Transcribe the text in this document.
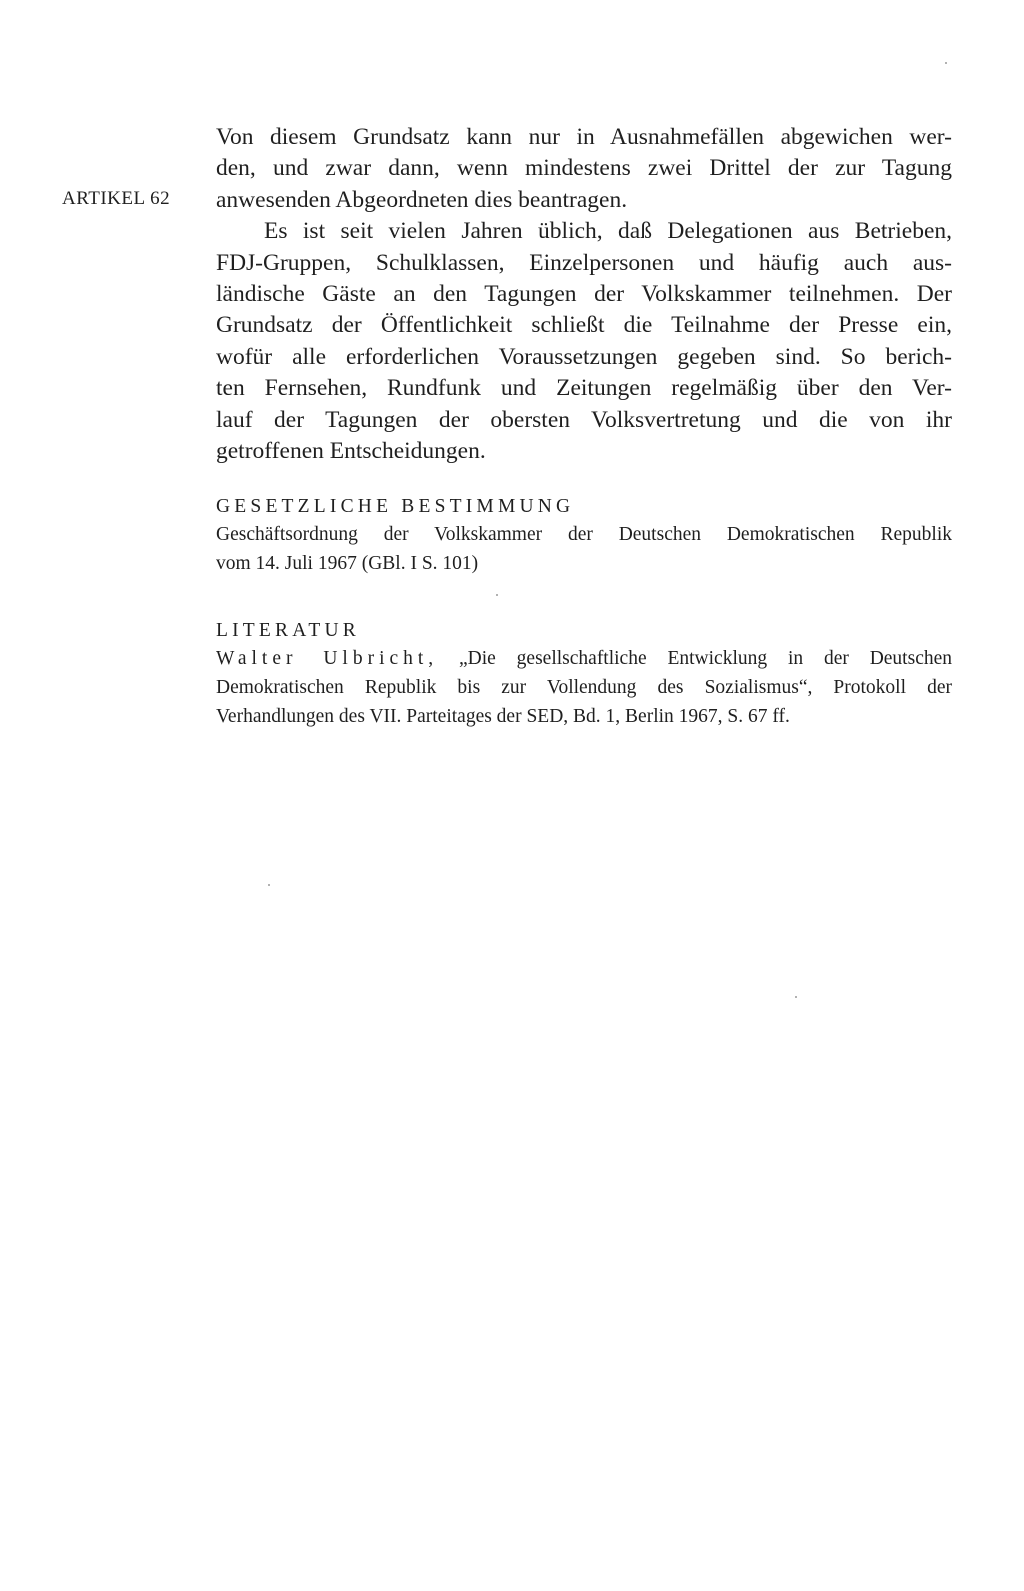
ARTIKEL 62
Von diesem Grundsatz kann nur in Ausnahmefällen abgewichen wer-
den, und zwar dann, wenn mindestens zwei Drittel der zur Tagung
anwesenden Abgeordneten dies beantragen.
Es ist seit vielen Jahren üblich, daß Delegationen aus Betrieben,
FDJ-Gruppen, Schulklassen, Einzelpersonen und häufig auch aus-
ländische Gäste an den Tagungen der Volkskammer teilnehmen. Der
Grundsatz der Öffentlichkeit schließt die Teilnahme der Presse ein,
wofür alle erforderlichen Voraussetzungen gegeben sind. So berich-
ten Fernsehen, Rundfunk und Zeitungen regelmäßig über den Ver-
lauf der Tagungen der obersten Volksvertretung und die von ihr
getroffenen Entscheidungen.
GESETZLICHE BESTIMMUNG
Geschäftsordnung der Volkskammer der Deutschen Demokratischen Republik
vom 14. Juli 1967 (GBl. I S. 101)
LITERATUR
Walter Ulbricht, „Die gesellschaftliche Entwicklung in der Deutschen
Demokratischen Republik bis zur Vollendung des Sozialismus“, Protokoll der
Verhandlungen des VII. Parteitages der SED, Bd. 1, Berlin 1967, S. 67 ff.
